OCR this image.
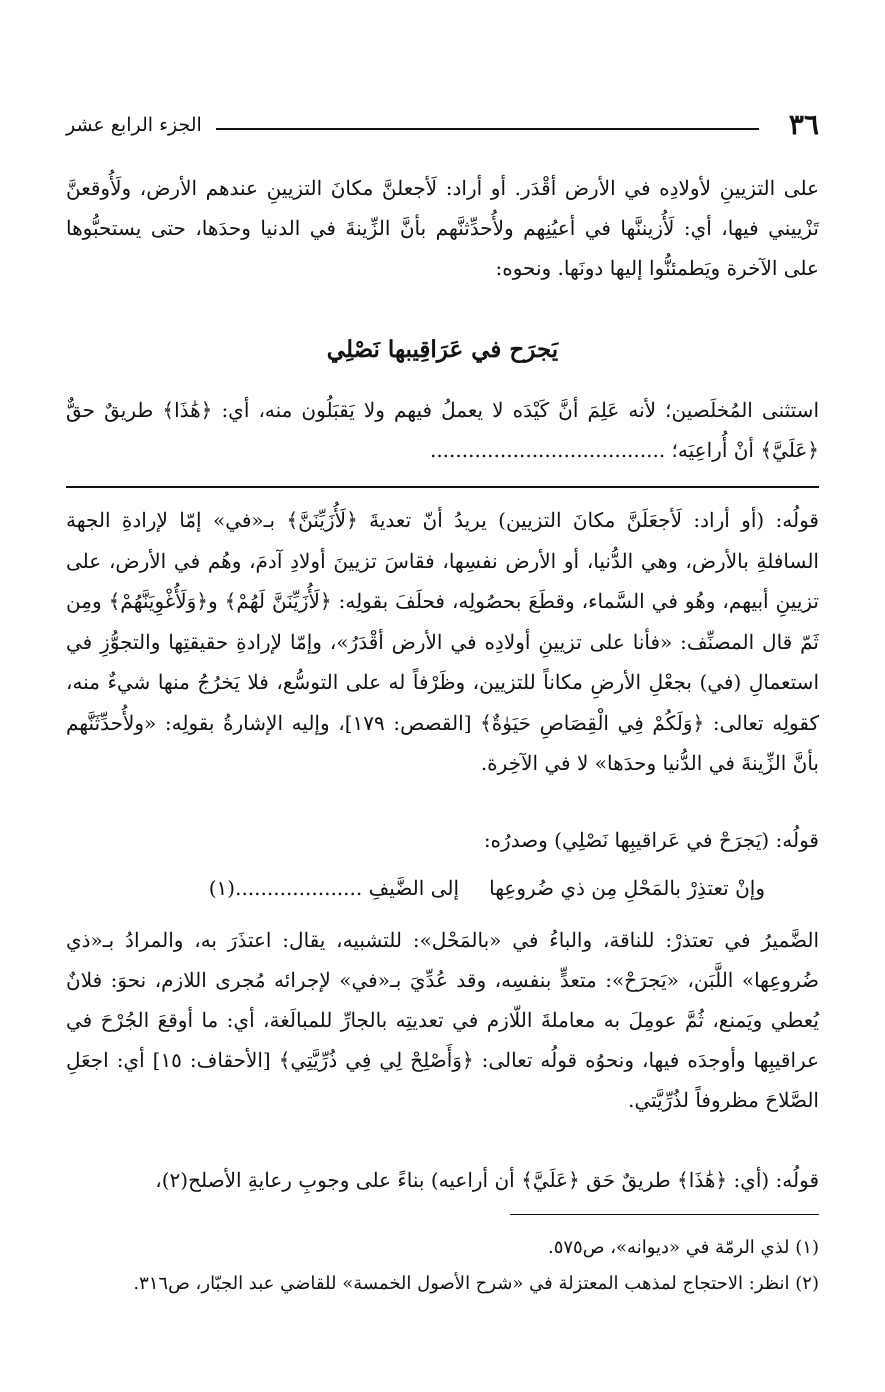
٣٦
الجزء الرابع عشر
على التزيينِ لأولادِه في الأرض أقْدَر. أو أراد: لَأجعلنَّ مكانَ التزيينِ عندهم الأرض، ولَأُوقعنَّ تَزْييني فيها، أي: لَأُزيننَّها في أعيُنِهم ولأُحدِّثنَّهم بأنَّ الزِّينةَ في الدنيا وحدَها، حتى يستحبُّوها على الآخرة ويَطمئنُّوا إليها دونَها. ونحوه:
يَجرَح في عَرَاقِيبها نَصْلِي
استثنى المُخلَصين؛ لأنه عَلِمَ أنَّ كَيْدَه لا يعملُ فيهم ولا يَقبَلُون منه، أي: ﴿هَٰذَا﴾ طريقٌ حقٌّ ﴿عَلَيَّ﴾ أنْ أُراعِيَه؛ .....................................
قولُه: (أو أراد: لَأجعَلَنَّ مكانَ التزيين) يريدُ أنّ تعديةَ ﴿لَأُزَيِّنَنَّ﴾ بـ«في» إمّا لإرادةِ الجهة السافلةِ بالأرض، وهي الدُّنيا، أو الأرض نفسِها، فقاسَ تزيينَ أولادِ آدمَ، وهُم في الأرض، على تزيينِ أبيهم، وهُو في السَّماء، وقطَعَ بحصُولِه، فحلَفَ بقولِه: ﴿لَأُزَيِّنَنَّ لَهُمْ﴾ و﴿وَلَأُغْوِيَنَّهُمْ﴾ ومِن ثَمّ قال المصنِّف: «فأنا على تزيينِ أولادِه في الأرض أقْدَرُ»، وإمّا لإرادةِ حقيقتِها والتجوُّزِ في استعمالِ (في) بجعْلِ الأرضِ مكاناً للتزيين، وظَرْفاً له على التوسُّع، فلا يَخرُجُ منها شيءٌ منه، كقولِه تعالى: ﴿وَلَكُمْ فِي الْقِصَاصِ حَيَوٰةٌ﴾ [القصص: ١٧٩]، وإليه الإشارةُ بقولِه: «ولأُحدِّثَنَّهم بأنَّ الزِّينةَ في الدُّنيا وحدَها» لا في الآخِرة.
قولُه: (يَجرَحْ في عَراقيبِها نَصْلِي) وصدرُه:
وإنْ تعتذِرْ بالمَحْلِ مِن ذي ضُروعِها
إلى الضَّيفِ ....................(١)
الضَّميرُ في تعتذرْ: للناقة، والباءُ في «بالمَحْل»: للتشبيه، يقال: اعتذَرَ به، والمرادُ بـ«ذي ضُروعِها» اللَّبَن، «يَجرَحْ»: متعدٍّ بنفسِه، وقد عُدِّيَ بـ«في» لإجرائه مُجرى اللازم، نحوَ: فلانٌ يُعطي ويَمنع، ثُمَّ عومِلَ به معاملةَ اللّازم في تعديتِه بالجارِّ للمبالَغة، أي: ما أوقعَ الجُرْحَ في عراقيبِها وأوجدَه فيها، ونحوُه قولُه تعالى: ﴿وَأَصْلِحْ لِي فِي ذُرِّيَّتِي﴾ [الأحقاف: ١٥] أي: اجعَلِ الصَّلاحَ مظروفاً لذُرِّيَّتي.
قولُه: (أي: ﴿هَٰذَا﴾ طريقٌ حَق ﴿عَلَيَّ﴾ أن أراعيه) بناءً على وجوبِ رعايةِ الأصلح(٢)،
(١) لذي الرمّة في «ديوانه»، ص٥٧٥.
(٢) انظر: الاحتجاج لمذهب المعتزلة في «شرح الأصول الخمسة» للقاضي عبد الجبّار، ص٣١٦.
